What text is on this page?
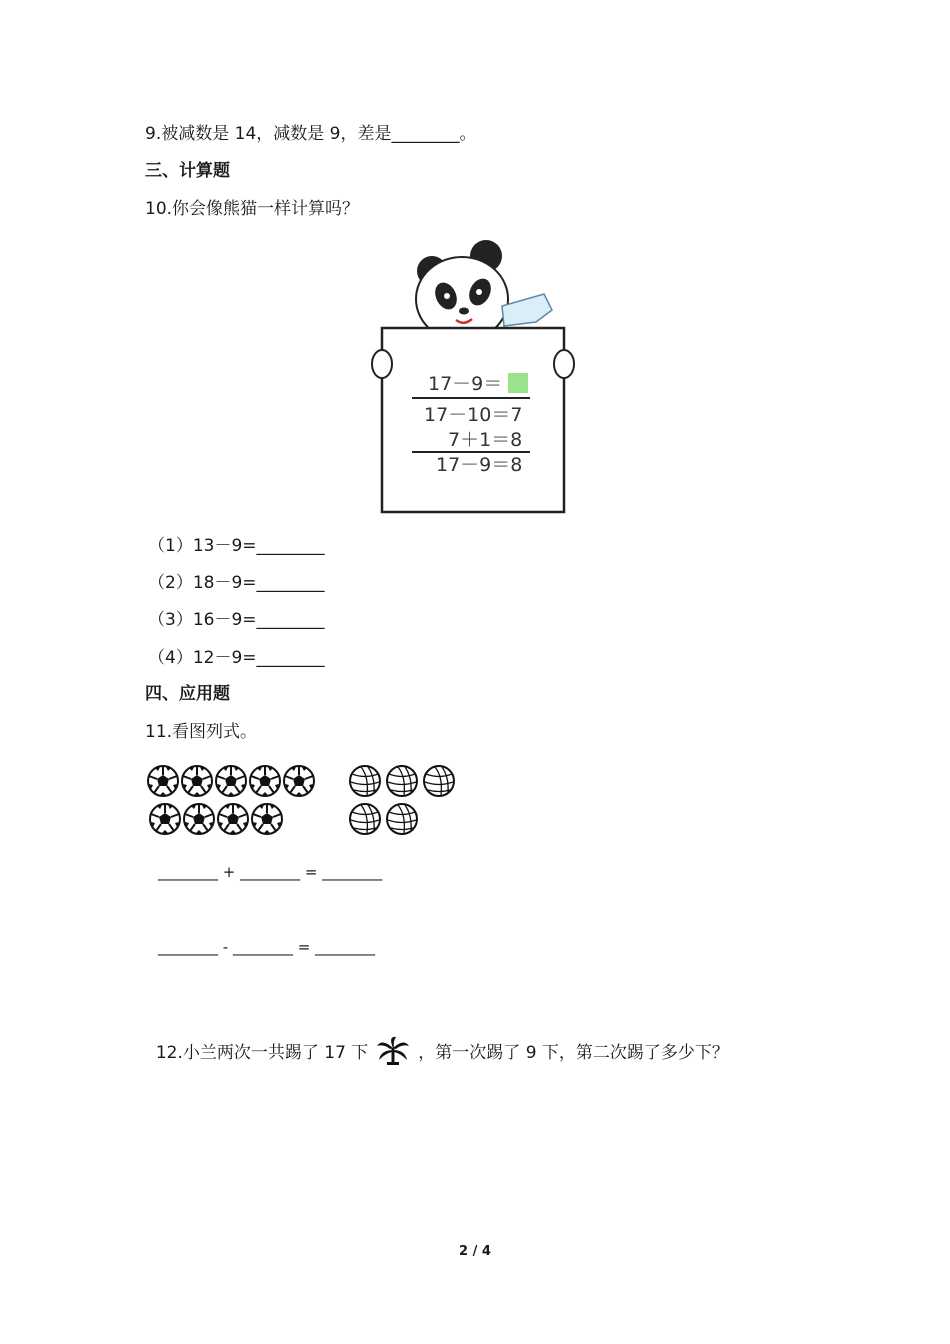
9.被减数是 14，减数是 9，差是________。
三、计算题
10.你会像熊猫一样计算吗？
17－9＝
17－10＝7
7＋1＝8
17－9＝8
（1）13－9=________
（2）18－9=________
（3）16－9=________
（4）12－9=________
四、应用题
11.看图列式。
________ + ________ = ________
________ - ________ = ________

12.小兰两次一共踢了 17 下	，第一次踢了 9 下，第二次踢了多少下？

2 / 4
